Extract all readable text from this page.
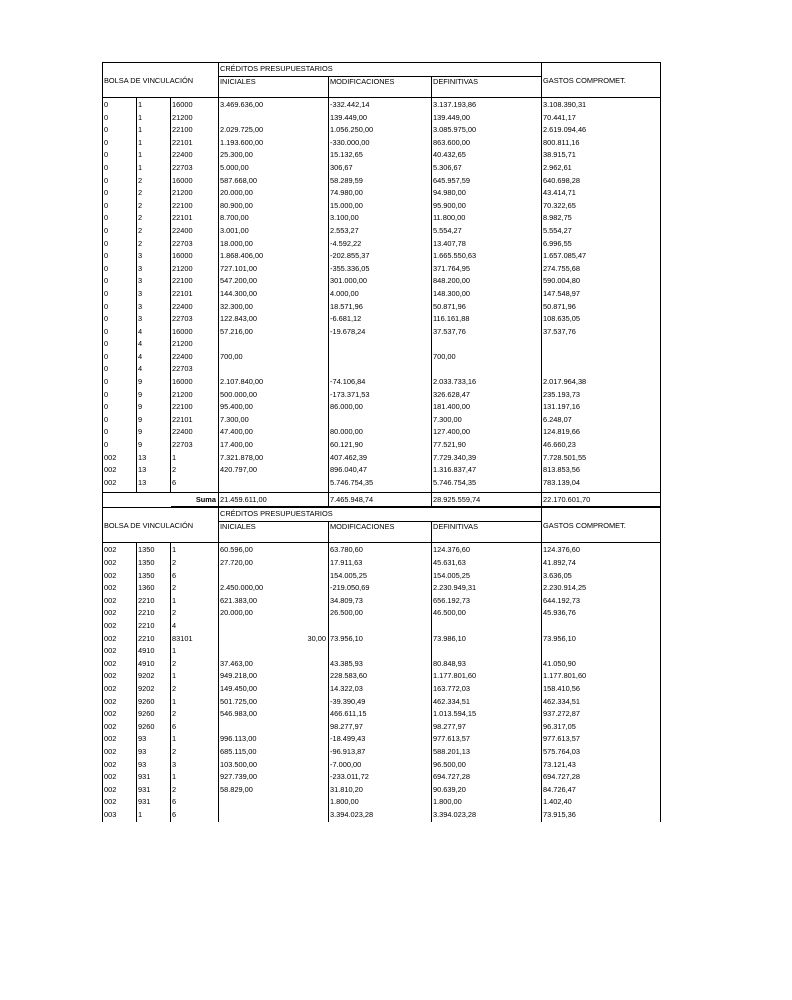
BOLSA DE VINCULACIÓN			CRÉDITOS PRESUPUESTARIOS			GASTOS COMPROMET.
			INICIALES	MODIFICACIONES	DEFINITIVAS	
0	1	16000	3.469.636,00	-332.442,14	3.137.193,86	3.108.390,31
0	1	21200		139.449,00	139.449,00	70.441,17
0	1	22100	2.029.725,00	1.056.250,00	3.085.975,00	2.619.094,46
0	1	22101	1.193.600,00	-330.000,00	863.600,00	800.811,16
0	1	22400	25.300,00	15.132,65	40.432,65	38.915,71
0	1	22703	5.000,00	306,67	5.306,67	2.962,61
0	2	16000	587.668,00	58.289,59	645.957,59	640.698,28
0	2	21200	20.000,00	74.980,00	94.980,00	43.414,71
0	2	22100	80.900,00	15.000,00	95.900,00	70.322,65
0	2	22101	8.700,00	3.100,00	11.800,00	8.982,75
0	2	22400	3.001,00	2.553,27	5.554,27	5.554,27
0	2	22703	18.000,00	-4.592,22	13.407,78	6.996,55
0	3	16000	1.868.406,00	-202.855,37	1.665.550,63	1.657.085,47
0	3	21200	727.101,00	-355.336,05	371.764,95	274.755,68
0	3	22100	547.200,00	301.000,00	848.200,00	590.004,80
0	3	22101	144.300,00	4.000,00	148.300,00	147.548,97
0	3	22400	32.300,00	18.571,96	50.871,96	50.871,96
0	3	22703	122.843,00	-6.681,12	116.161,88	108.635,05
0	4	16000	57.216,00	-19.678,24	37.537,76	37.537,76
0	4	21200				
0	4	22400	700,00		700,00	
0	4	22703				
0	9	16000	2.107.840,00	-74.106,84	2.033.733,16	2.017.964,38
0	9	21200	500.000,00	-173.371,53	326.628,47	235.193,73
0	9	22100	95.400,00	86.000,00	181.400,00	131.197,16
0	9	22101	7.300,00		7.300,00	6.248,07
0	9	22400	47.400,00	80.000,00	127.400,00	124.819,66
0	9	22703	17.400,00	60.121,90	77.521,90	46.660,23
002	13	1	7.321.878,00	407.462,39	7.729.340,39	7.728.501,55
002	13	2	420.797,00	896.040,47	1.316.837,47	813.853,56
002	13	6		5.746.754,35	5.746.754,35	783.139,04

		Suma	21.459.611,00	7.465.948,74	28.925.559,74	22.170.601,70
BOLSA DE VINCULACIÓN			CRÉDITOS PRESUPUESTARIOS			GASTOS COMPROMET.
			INICIALES	MODIFICACIONES	DEFINITIVAS	
002	1350	1	60.596,00	63.780,60	124.376,60	124.376,60
002	1350	2	27.720,00	17.911,63	45.631,63	41.892,74
002	1350	6		154.005,25	154.005,25	3.636,05
002	1360	2	2.450.000,00	-219.050,69	2.230.949,31	2.230.914,25
002	2210	1	621.383,00	34.809,73	656.192,73	644.192,73
002	2210	2	20.000,00	26.500,00	46.500,00	45.936,76
002	2210	4				
002	2210	83101	30,00	73.956,10	73.986,10	73.956,10
002	4910	1				
002	4910	2	37.463,00	43.385,93	80.848,93	41.050,90
002	9202	1	949.218,00	228.583,60	1.177.801,60	1.177.801,60
002	9202	2	149.450,00	14.322,03	163.772,03	158.410,56
002	9260	1	501.725,00	-39.390,49	462.334,51	462.334,51
002	9260	2	546.983,00	466.611,15	1.013.594,15	937.272,87
002	9260	6		98.277,97	98.277,97	96.317,05
002	93	1	996.113,00	-18.499,43	977.613,57	977.613,57
002	93	2	685.115,00	-96.913,87	588.201,13	575.764,03
002	93	3	103.500,00	-7.000,00	96.500,00	73.121,43
002	931	1	927.739,00	-233.011,72	694.727,28	694.727,28
002	931	2	58.829,00	31.810,20	90.639,20	84.726,47
002	931	6		1.800,00	1.800,00	1.402,40
003	1	6		3.394.023,28	3.394.023,28	73.915,36
